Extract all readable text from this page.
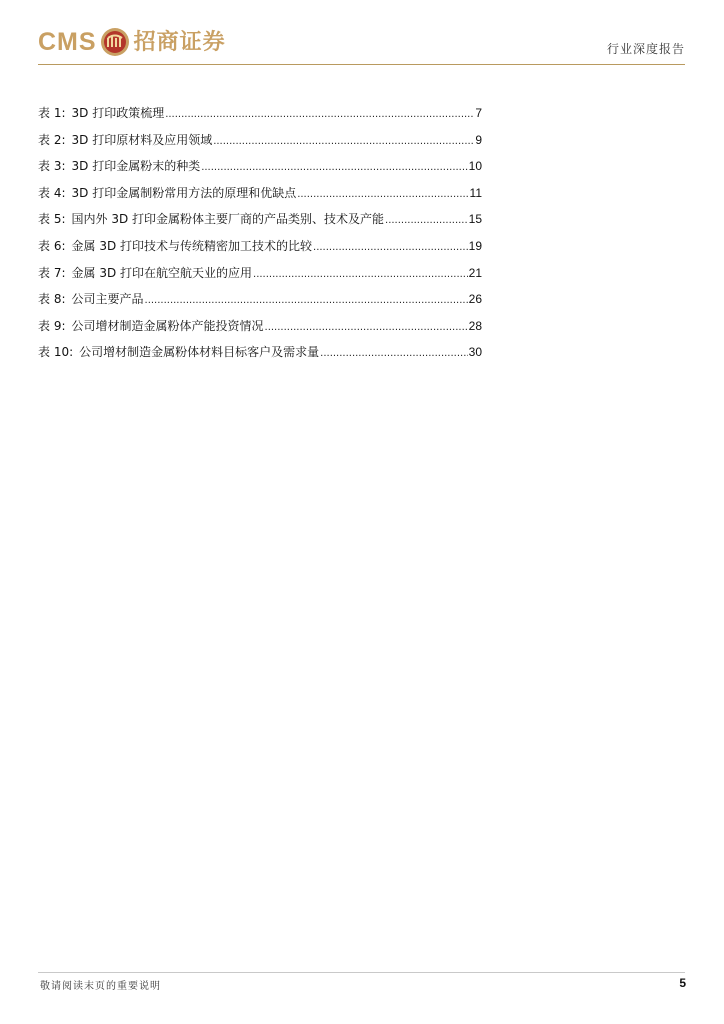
CMS 招商证券	行业深度报告
表 1: 3D 打印政策梳理 .....	7
表 2: 3D 打印原材料及应用领域 .....	9
表 3: 3D 打印金属粉末的种类 .....	10
表 4: 3D 打印金属制粉常用方法的原理和优缺点 .....	11
表 5: 国内外 3D 打印金属粉体主要厂商的产品类别、技术及产能 .....	15
表 6: 金属 3D 打印技术与传统精密加工技术的比较 .....	19
表 7: 金属 3D 打印在航空航天业的应用 .....	21
表 8: 公司主要产品 .....	26
表 9: 公司增材制造金属粉体产能投资情况 .....	28
表 10: 公司增材制造金属粉体材料目标客户及需求量 .....	30
敬请阅读末页的重要说明	5
